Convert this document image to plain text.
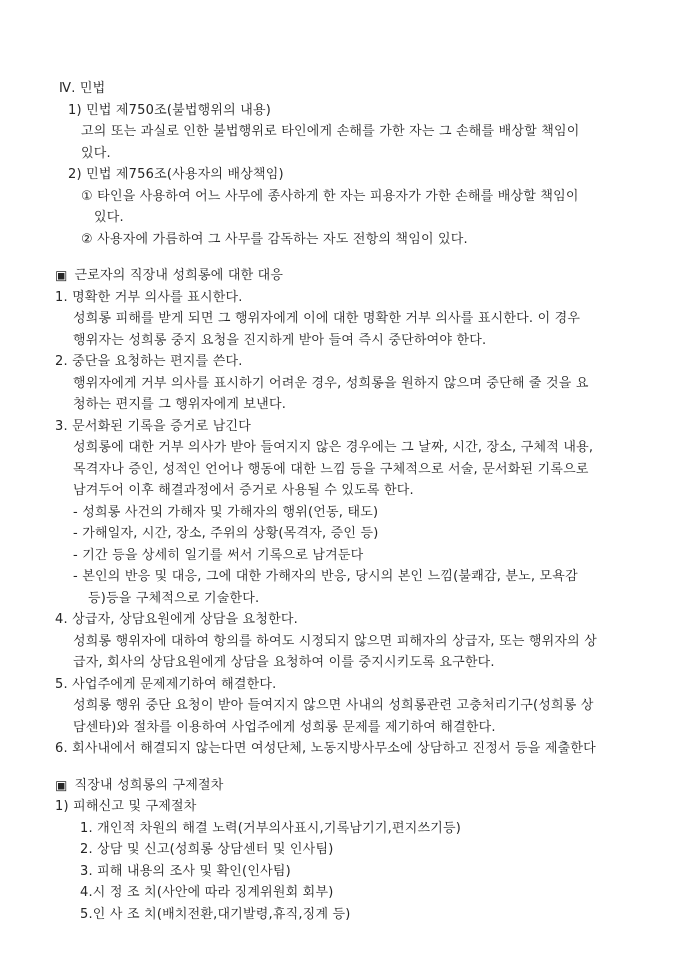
Ⅳ. 민법
1) 민법 제750조(불법행위의 내용)
고의 또는 과실로 인한 불법행위로 타인에게 손해를 가한 자는 그 손해를 배상할 책임이
있다.
2) 민법 제756조(사용자의 배상책임)
① 타인을 사용하여 어느 사무에 종사하게 한 자는 피용자가 가한 손해를 배상할 책임이
있다.
② 사용자에 가름하여 그 사무를 감독하는 자도 전항의 책임이 있다.
▣ 근로자의 직장내 성희롱에 대한 대응
1. 명확한 거부 의사를 표시한다.
성희롱 피해를 받게 되면 그 행위자에게 이에 대한 명확한 거부 의사를 표시한다. 이 경우
행위자는 성희롱 중지 요청을 진지하게 받아 들여 즉시 중단하여야 한다.
2. 중단을 요청하는 편지를 쓴다.
행위자에게 거부 의사를 표시하기 어려운 경우, 성희롱을 원하지 않으며 중단해 줄 것을 요
청하는 편지를 그 행위자에게 보낸다.
3. 문서화된 기록을 증거로 남긴다
성희롱에 대한 거부 의사가 받아 들여지지 않은 경우에는 그 날짜, 시간, 장소, 구체적 내용,
목격자나 증인, 성적인 언어나 행동에 대한 느낌 등을 구체적으로 서술, 문서화된 기록으로
남겨두어 이후 해결과정에서 증거로 사용될 수 있도록 한다.
- 성희롱 사건의 가해자 및 가해자의 행위(언동, 태도)
- 가해일자, 시간, 장소, 주위의 상황(목격자, 증인 등)
- 기간 등을 상세히 일기를 써서 기록으로 남겨둔다
- 본인의 반응 및 대응, 그에 대한 가해자의 반응, 당시의 본인 느낌(불쾌감, 분노, 모욕감
등)등을 구체적으로 기술한다.
4. 상급자, 상담요원에게 상담을 요청한다.
성희롱 행위자에 대하여 항의를 하여도 시정되지 않으면 피해자의 상급자, 또는 행위자의 상
급자, 회사의 상담요원에게 상담을 요청하여 이를 중지시키도록 요구한다.
5. 사업주에게 문제제기하여 해결한다.
성희롱 행위 중단 요청이 받아 들여지지 않으면 사내의 성희롱관련 고충처리기구(성희롱 상
담센타)와 절차를 이용하여 사업주에게 성희롱 문제를 제기하여 해결한다.
6. 회사내에서 해결되지 않는다면 여성단체, 노동지방사무소에 상담하고 진정서 등을 제출한다
▣ 직장내 성희롱의 구제절차
1) 피해신고 및 구제절차
1. 개인적 차원의 해결 노력(거부의사표시,기록남기기,편지쓰기등)
2. 상담 및 신고(성희롱 상담센터 및 인사팀)
3. 피해 내용의 조사 및 확인(인사팀)
4.시 정 조 치(사안에 따라 징계위원회 회부)
5.인 사 조 치(배치전환,대기발령,휴직,징계 등)
